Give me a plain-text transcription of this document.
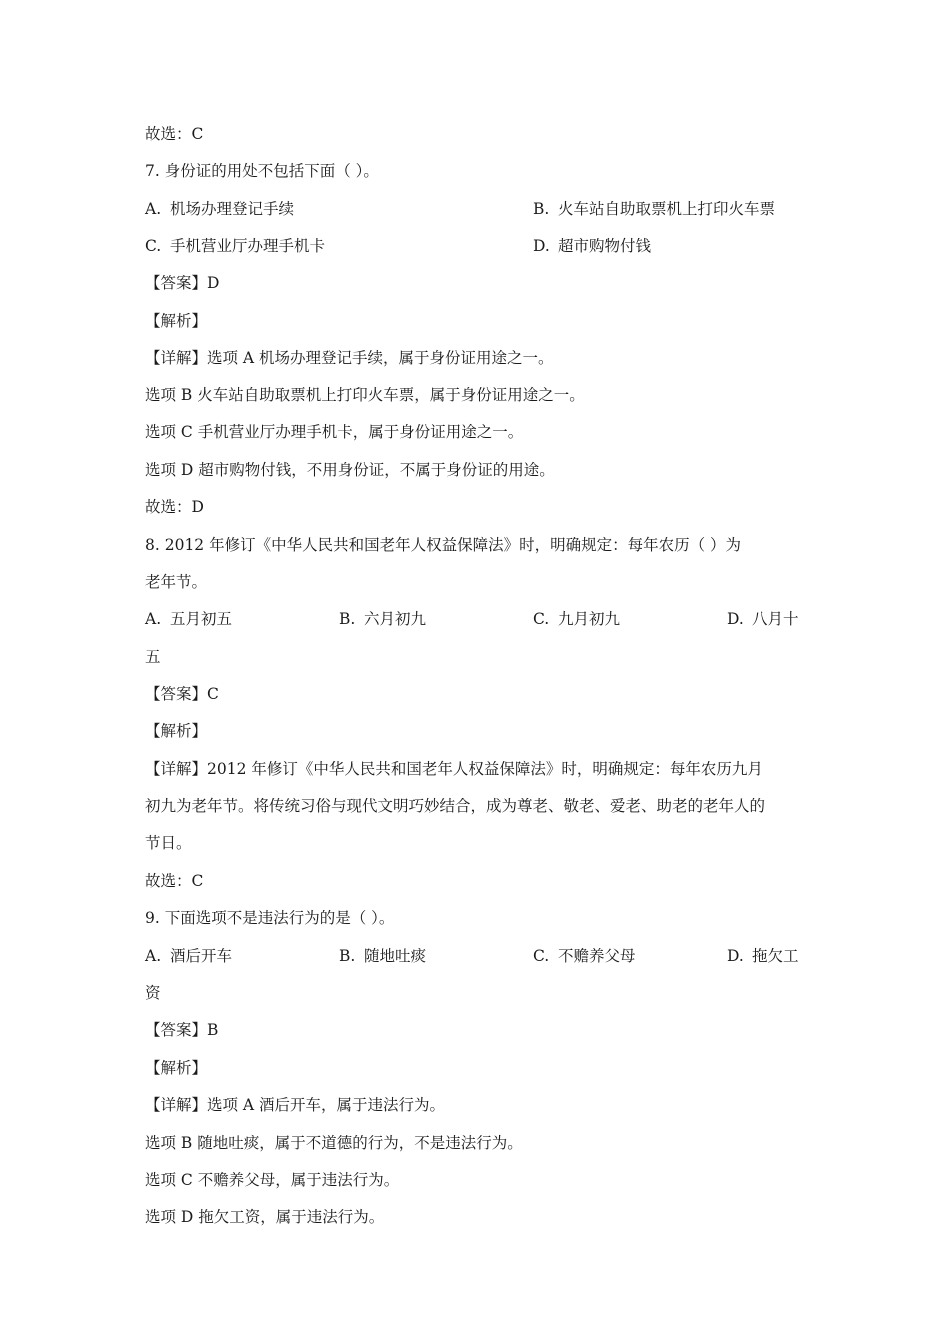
故选：C
7. 身份证的用处不包括下面（ ）。
A. 机场办理登记手续	B. 火车站自助取票机上打印火车票
C. 手机营业厅办理手机卡	D. 超市购物付钱
【答案】D
【解析】
【详解】选项 A 机场办理登记手续，属于身份证用途之一。
选项 B 火车站自助取票机上打印火车票，属于身份证用途之一。
选项 C 手机营业厅办理手机卡，属于身份证用途之一。
选项 D 超市购物付钱，不用身份证，不属于身份证的用途。
故选：D
8. 2012 年修订《中华人民共和国老年人权益保障法》时，明确规定：每年农历（ ）为
老年节。
A. 五月初五	B. 六月初九	C. 九月初九	D. 八月十
五
【答案】C
【解析】
【详解】2012 年修订《中华人民共和国老年人权益保障法》时，明确规定：每年农历九月
初九为老年节。将传统习俗与现代文明巧妙结合，成为尊老、敬老、爱老、助老的老年人的
节日。
故选：C
9. 下面选项不是违法行为的是（ ）。
A. 酒后开车	B. 随地吐痰	C. 不赡养父母	D. 拖欠工
资
【答案】B
【解析】
【详解】选项 A 酒后开车，属于违法行为。
选项 B 随地吐痰，属于不道德的行为，不是违法行为。
选项 C 不赡养父母，属于违法行为。
选项 D 拖欠工资，属于违法行为。
